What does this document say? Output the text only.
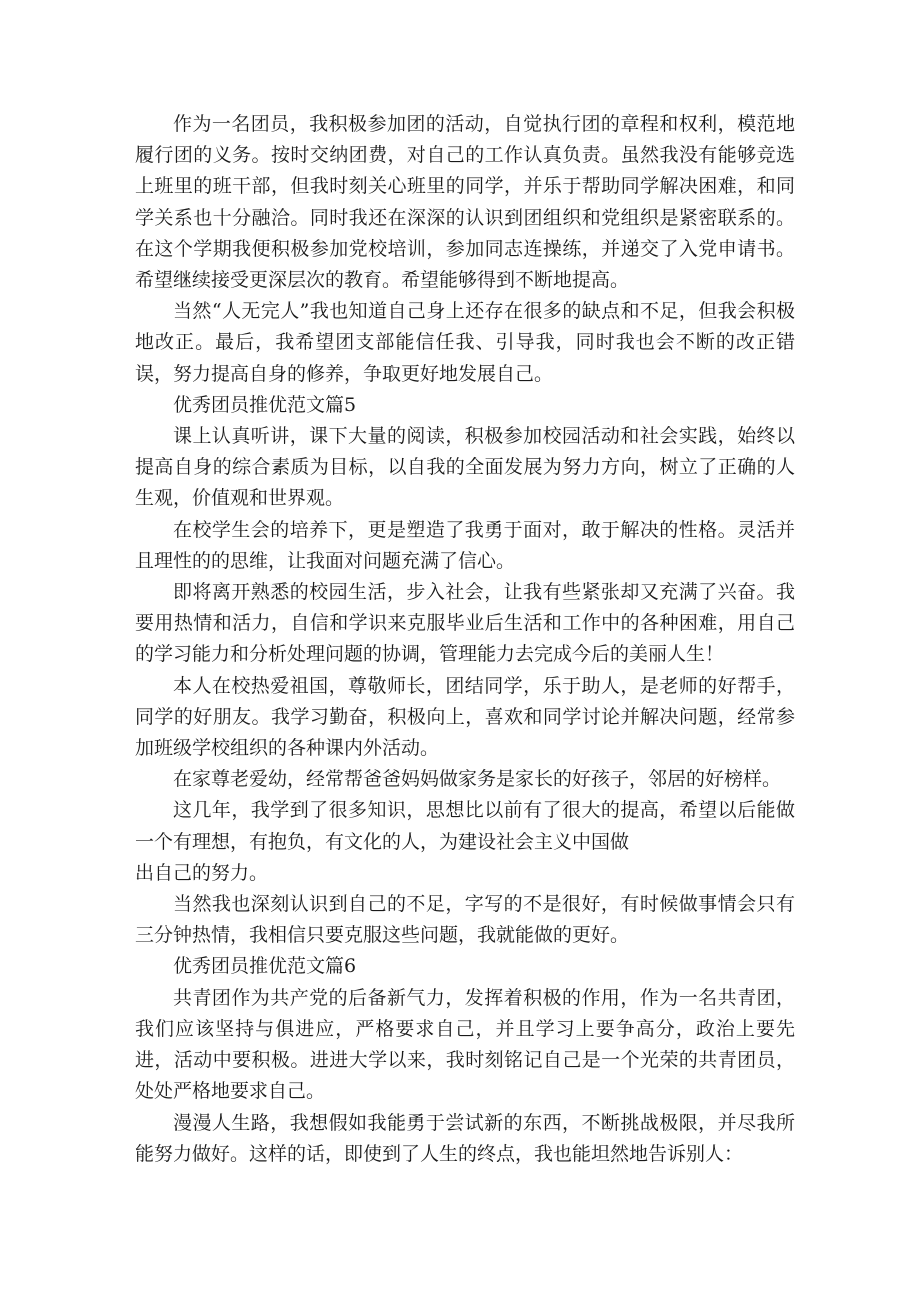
作为一名团员，我积极参加团的活动，自觉执行团的章程和权利，模范地履行团的义务。按时交纳团费，对自己的工作认真负责。虽然我没有能够竞选上班里的班干部，但我时刻关心班里的同学，并乐于帮助同学解决困难，和同学关系也十分融洽。同时我还在深深的认识到团组织和党组织是紧密联系的。在这个学期我便积极参加党校培训，参加同志连操练，并递交了入党申请书。希望继续接受更深层次的教育。希望能够得到不断地提高。

当然“人无完人”我也知道自己身上还存在很多的缺点和不足，但我会积极地改正。最后，我希望团支部能信任我、引导我，同时我也会不断的改正错误，努力提高自身的修养，争取更好地发展自己。

优秀团员推优范文篇5

课上认真听讲，课下大量的阅读，积极参加校园活动和社会实践，始终以提高自身的综合素质为目标，以自我的全面发展为努力方向，树立了正确的人生观，价值观和世界观。

在校学生会的培养下，更是塑造了我勇于面对，敢于解决的性格。灵活并且理性的的思维，让我面对问题充满了信心。

即将离开熟悉的校园生活，步入社会，让我有些紧张却又充满了兴奋。我要用热情和活力，自信和学识来克服毕业后生活和工作中的各种困难，用自己的学习能力和分析处理问题的协调，管理能力去完成今后的美丽人生！

本人在校热爱祖国，尊敬师长，团结同学，乐于助人，是老师的好帮手，同学的好朋友。我学习勤奋，积极向上，喜欢和同学讨论并解决问题，经常参加班级学校组织的各种课内外活动。

在家尊老爱幼，经常帮爸爸妈妈做家务是家长的好孩子，邻居的好榜样。

这几年，我学到了很多知识，思想比以前有了很大的提高，希望以后能做一个有理想，有抱负，有文化的人，为建设社会主义中国做

出自己的努力。

当然我也深刻认识到自己的不足，字写的不是很好，有时候做事情会只有三分钟热情，我相信只要克服这些问题，我就能做的更好。

优秀团员推优范文篇6

共青团作为共产党的后备新气力，发挥着积极的作用，作为一名共青团，我们应该坚持与俱进应，严格要求自己，并且学习上要争高分，政治上要先进，活动中要积极。进进大学以来，我时刻铭记自己是一个光荣的共青团员，处处严格地要求自己。

漫漫人生路，我想假如我能勇于尝试新的东西，不断挑战极限，并尽我所能努力做好。这样的话，即使到了人生的终点，我也能坦然地告诉别人：
